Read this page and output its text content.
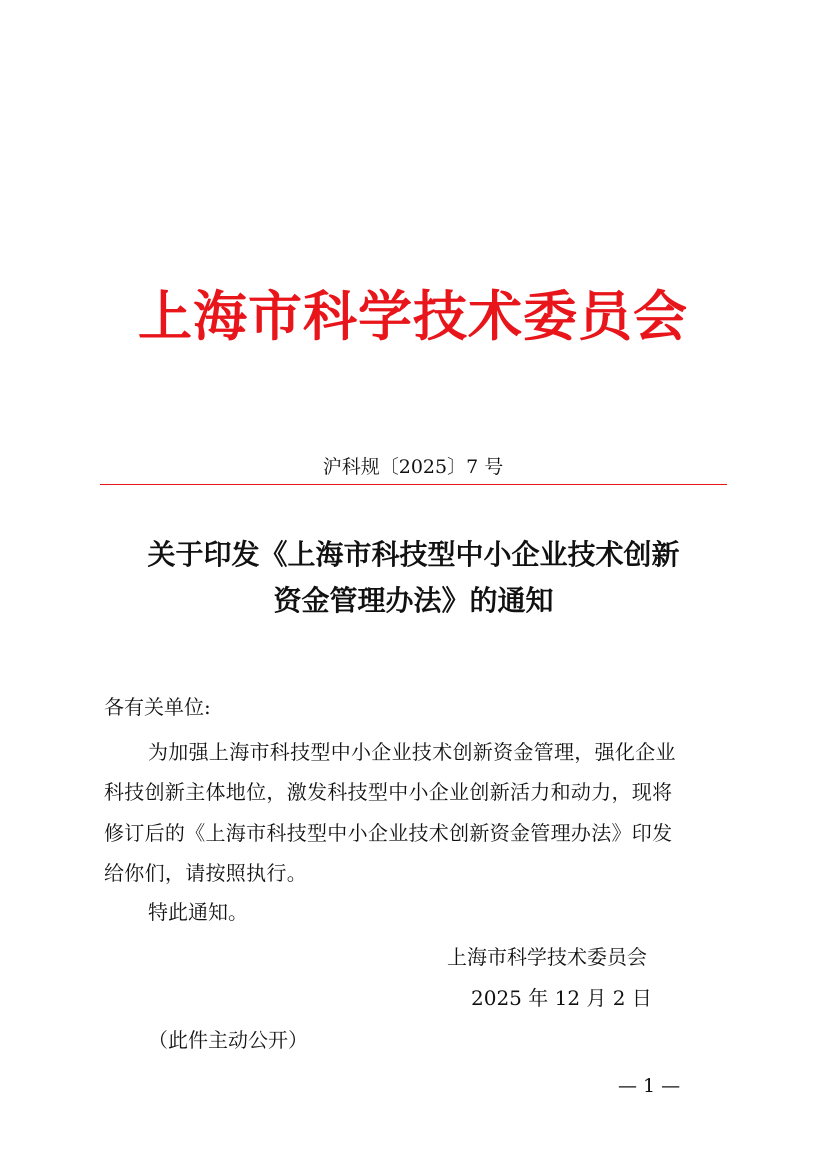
上海市科学技术委员会
沪科规〔2025〕7 号
关于印发《上海市科技型中小企业技术创新
资金管理办法》的通知
各有关单位:
为加强上海市科技型中小企业技术创新资金管理，强化企业
科技创新主体地位，激发科技型中小企业创新活力和动力，现将
修订后的《上海市科技型中小企业技术创新资金管理办法》印发
给你们，请按照执行。
特此通知。
上海市科学技术委员会
2025 年 12 月 2 日
（此件主动公开）
— 1 —
